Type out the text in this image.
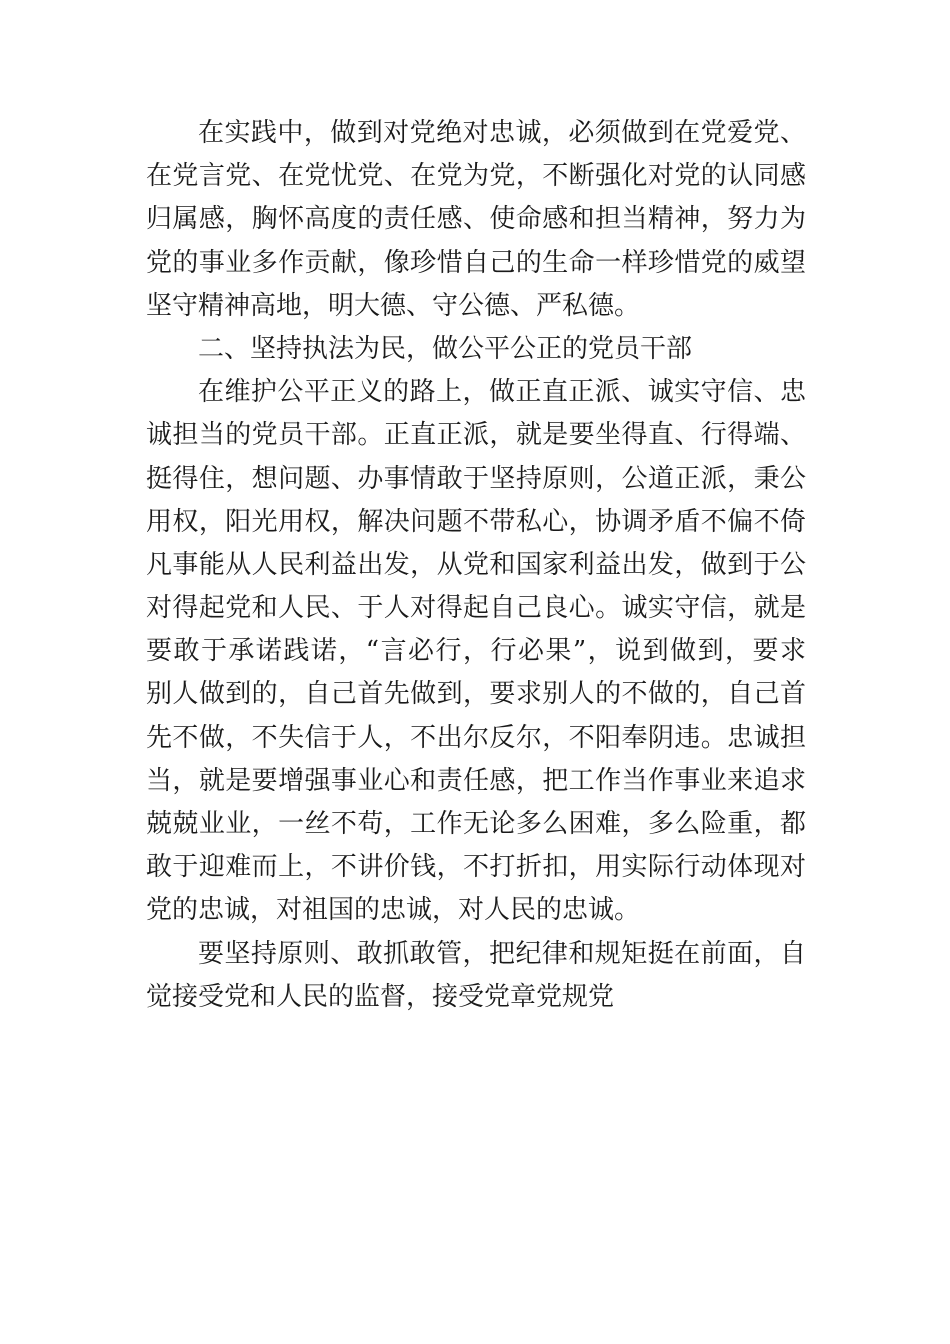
在实践中，做到对党绝对忠诚，必须做到在党爱党、
在党言党、在党忧党、在党为党，不断强化对党的认同感
归属感，胸怀高度的责任感、使命感和担当精神，努力为
党的事业多作贡献，像珍惜自己的生命一样珍惜党的威望
坚守精神高地，明大德、守公德、严私德。
二、坚持执法为民，做公平公正的党员干部
在维护公平正义的路上，做正直正派、诚实守信、忠
诚担当的党员干部。正直正派，就是要坐得直、行得端、
挺得住，想问题、办事情敢于坚持原则，公道正派，秉公
用权，阳光用权，解决问题不带私心，协调矛盾不偏不倚
凡事能从人民利益出发，从党和国家利益出发，做到于公
对得起党和人民、于人对得起自己良心。诚实守信，就是
要敢于承诺践诺，“言必行，行必果”，说到做到，要求
别人做到的，自己首先做到，要求别人的不做的，自己首
先不做，不失信于人，不出尔反尔，不阳奉阴违。忠诚担
当，就是要增强事业心和责任感，把工作当作事业来追求
兢兢业业，一丝不苟，工作无论多么困难，多么险重，都
敢于迎难而上，不讲价钱，不打折扣，用实际行动体现对
党的忠诚，对祖国的忠诚，对人民的忠诚。
要坚持原则、敢抓敢管，把纪律和规矩挺在前面，自
觉接受党和人民的监督，接受党章党规党
